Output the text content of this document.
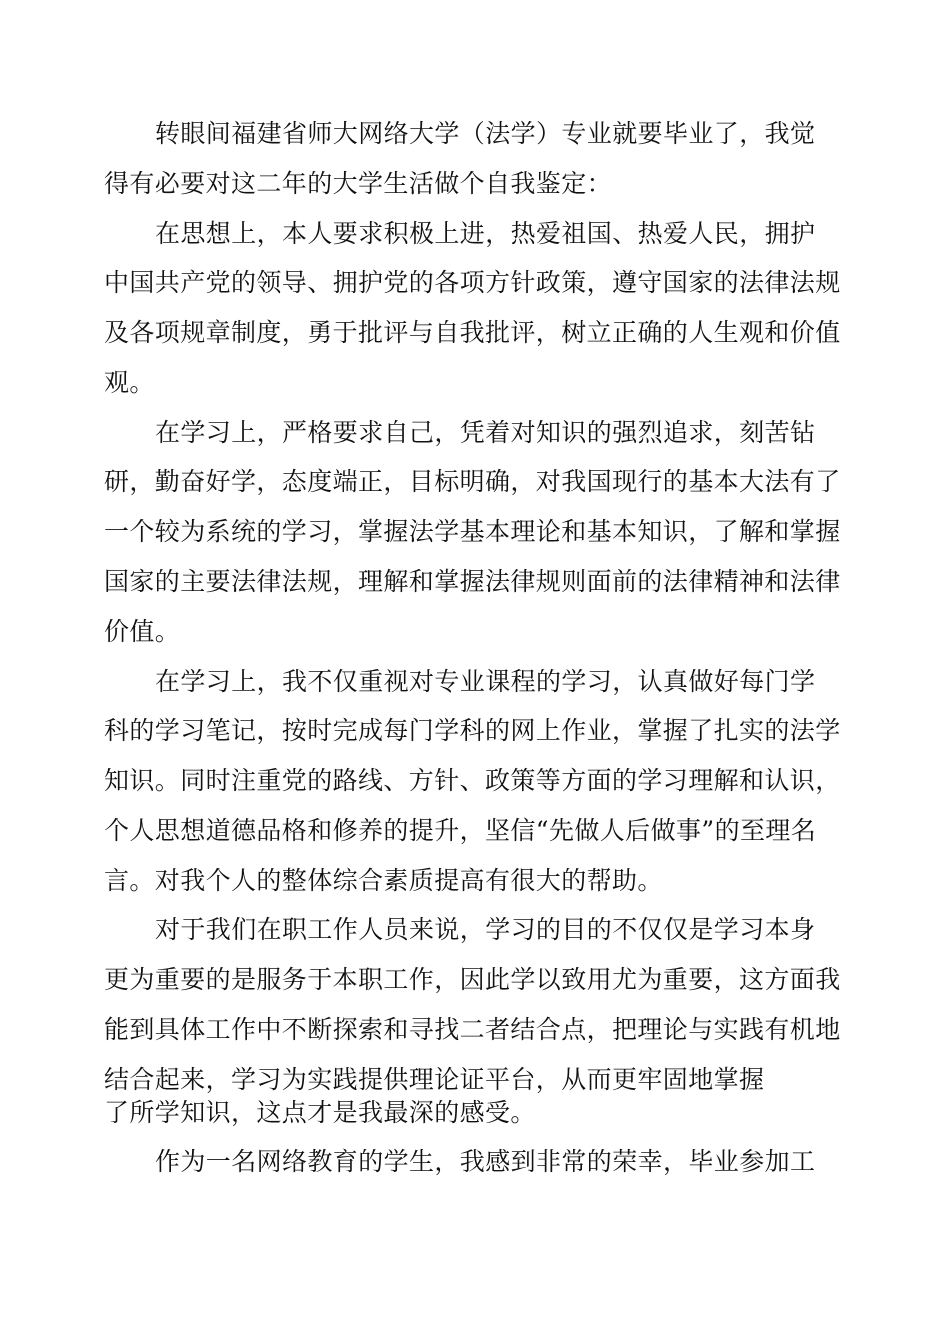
转眼间福建省师大网络大学（法学）专业就要毕业了，我觉
得有必要对这二年的大学生活做个自我鉴定：
在思想上，本人要求积极上进，热爱祖国、热爱人民，拥护
中国共产党的领导、拥护党的各项方针政策，遵守国家的法律法规
及各项规章制度，勇于批评与自我批评，树立正确的人生观和价值
观。
在学习上，严格要求自己，凭着对知识的强烈追求，刻苦钻
研，勤奋好学，态度端正，目标明确，对我国现行的基本大法有了
一个较为系统的学习，掌握法学基本理论和基本知识，了解和掌握
国家的主要法律法规，理解和掌握法律规则面前的法律精神和法律
价值。
在学习上，我不仅重视对专业课程的学习，认真做好每门学
科的学习笔记，按时完成每门学科的网上作业，掌握了扎实的法学
知识。同时注重党的路线、方针、政策等方面的学习理解和认识，
个人思想道德品格和修养的提升，坚信“先做人后做事”的至理名
言。对我个人的整体综合素质提高有很大的帮助。
对于我们在职工作人员来说，学习的目的不仅仅是学习本身
更为重要的是服务于本职工作，因此学以致用尤为重要，这方面我
能到具体工作中不断探索和寻找二者结合点，把理论与实践有机地
结合起来，学习为实践提供理论证平台，从而更牢固地掌握
了所学知识，这点才是我最深的感受。
作为一名网络教育的学生，我感到非常的荣幸，毕业参加工
